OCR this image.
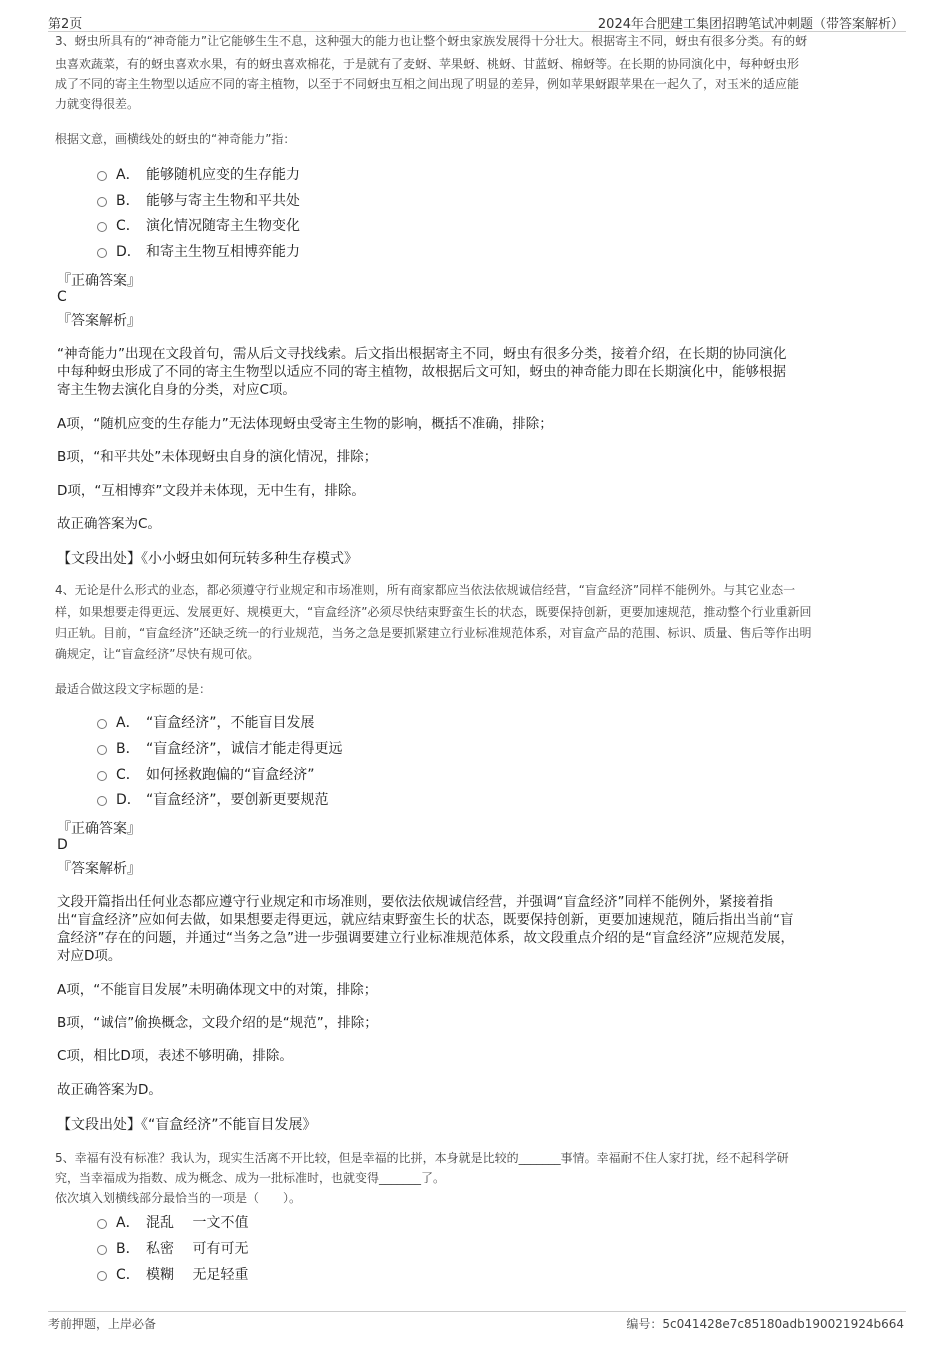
第2页	2024年合肥建工集团招聘笔试冲刺题（带答案解析）
3、蚜虫所具有的“神奇能力”让它能够生生不息，这种强大的能力也让整个蚜虫家族发展得十分壮大。根据寄主不同，蚜虫有很多分类。有的蚜
虫喜欢蔬菜，有的蚜虫喜欢水果，有的蚜虫喜欢棉花，于是就有了麦蚜、苹果蚜、桃蚜、甘蓝蚜、棉蚜等。在长期的协同演化中，每种蚜虫形
成了不同的寄主生物型以适应不同的寄主植物，以至于不同蚜虫互相之间出现了明显的差异，例如苹果蚜跟苹果在一起久了，对玉米的适应能
力就变得很差。
根据文意，画横线处的蚜虫的“神奇能力”指：
A． 能够随机应变的生存能力
B． 能够与寄主生物和平共处
C． 演化情况随寄主生物变化
D． 和寄主生物互相博弈能力
『正确答案』
C
『答案解析』
“神奇能力”出现在文段首句，需从后文寻找线索。后文指出根据寄主不同，蚜虫有很多分类，接着介绍，在长期的协同演化
中每种蚜虫形成了不同的寄主生物型以适应不同的寄主植物，故根据后文可知，蚜虫的神奇能力即在长期演化中，能够根据
寄主生物去演化自身的分类，对应C项。
A项，“随机应变的生存能力”无法体现蚜虫受寄主生物的影响，概括不准确，排除；
B项，“和平共处”未体现蚜虫自身的演化情况，排除；
D项，“互相博弈”文段并未体现，无中生有，排除。
故正确答案为C。
【文段出处】《小小蚜虫如何玩转多种生存模式》
4、无论是什么形式的业态，都必须遵守行业规定和市场准则，所有商家都应当依法依规诚信经营，“盲盒经济”同样不能例外。与其它业态一
样，如果想要走得更远、发展更好、规模更大，“盲盒经济”必须尽快结束野蛮生长的状态，既要保持创新，更要加速规范，推动整个行业重新回
归正轨。目前，“盲盒经济”还缺乏统一的行业规范，当务之急是要抓紧建立行业标准规范体系，对盲盒产品的范围、标识、质量、售后等作出明
确规定，让“盲盒经济”尽快有规可依。
最适合做这段文字标题的是：
A． “盲盒经济”，不能盲目发展
B． “盲盒经济”，诚信才能走得更远
C． 如何拯救跑偏的“盲盒经济”
D． “盲盒经济”，要创新更要规范
『正确答案』
D
『答案解析』
文段开篇指出任何业态都应遵守行业规定和市场准则，要依法依规诚信经营，并强调“盲盒经济”同样不能例外，紧接着指
出“盲盒经济”应如何去做，如果想要走得更远，就应结束野蛮生长的状态，既要保持创新，更要加速规范，随后指出当前“盲
盒经济”存在的问题，并通过“当务之急”进一步强调要建立行业标准规范体系，故文段重点介绍的是“盲盒经济”应规范发展，
对应D项。
A项，“不能盲目发展”未明确体现文中的对策，排除；
B项，“诚信”偷换概念，文段介绍的是“规范”，排除；
C项，相比D项，表述不够明确，排除。
故正确答案为D。
【文段出处】《“盲盒经济”不能盲目发展》
5、幸福有没有标准？我认为，现实生活离不开比较，但是幸福的比拼，本身就是比较的_______事情。幸福耐不住人家打扰，经不起科学研
究，当幸福成为指数、成为概念、成为一批标准时，也就变得_______了。
依次填入划横线部分最恰当的一项是（　　）。
A． 混乱　 一文不值
B． 私密　 可有可无
C． 模糊　 无足轻重
考前押题，上岸必备	编号：5c041428e7c85180adb190021924b664
